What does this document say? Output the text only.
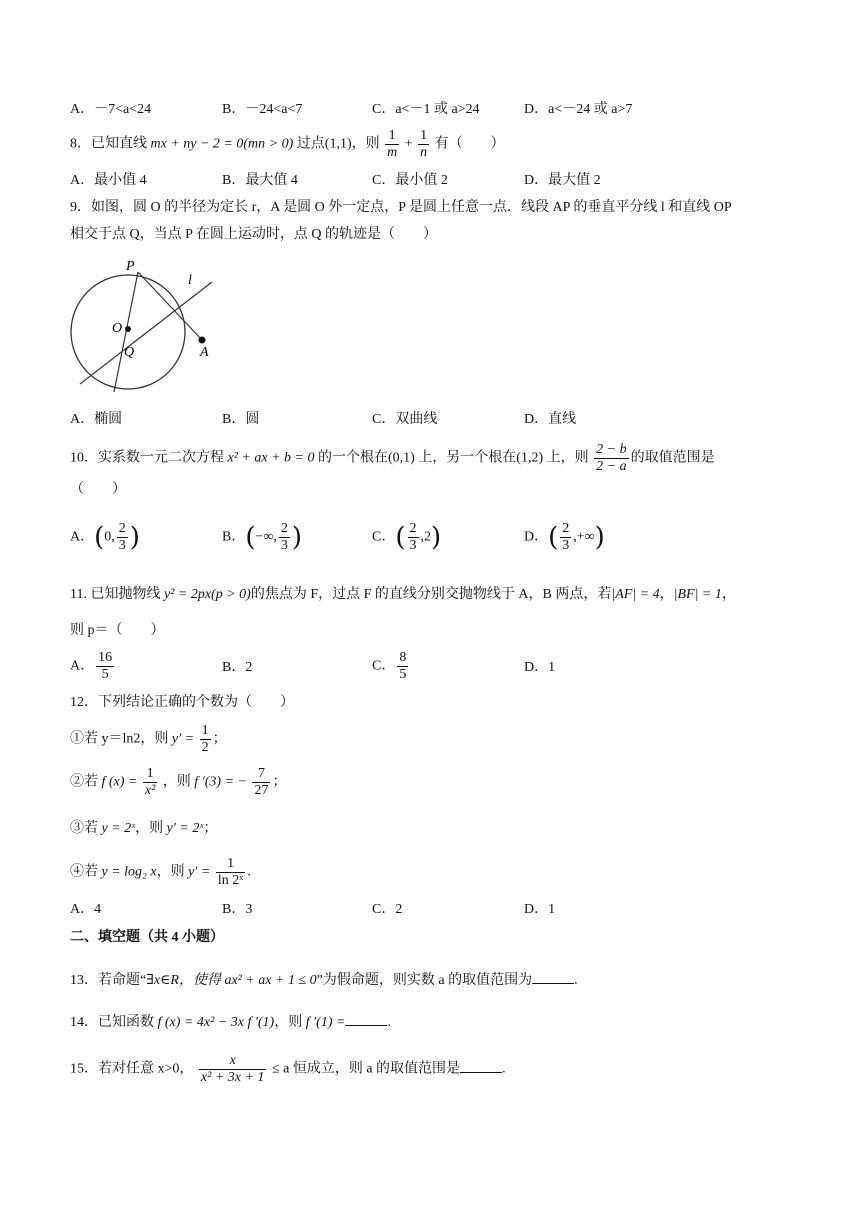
A．－7<a<24	B．－24<a<7	C．a<－1 或 a>24	D．a<－24 或 a>7
8．已知直线 mx + ny − 2 = 0(mn > 0) 过点(1,1)，则 $\frac{1}{m} + \frac{1}{n}$ 有（　　）
A．最小值 4	B．最大值 4	C．最小值 2	D．最大值 2
9．如图，圆 O 的半径为定长 r，A 是圆 O 外一定点，P 是圆上任意一点．线段 AP 的垂直平分线 l 和直线 OP
相交于点 Q，当点 P 在圆上运动时，点 Q 的轨迹是（　　）
P
l
O
Q	A
A．椭圆	B．圆	C．双曲线	D．直线
10．实系数一元二次方程 x² + ax + b = 0 的一个根在(0,1) 上，另一个根在(1,2) 上，则 $\frac{2 - b}{2 - a}$ 的取值范围是
（　　）
A．(0, $\frac{2}{3}$ )	B．(−∞, $\frac{2}{3}$ )	C．( $\frac{2}{3} ,2$)	D．( $\frac{2}{3}$ ,+∞)
11. 已知抛物线 y² = 2px(p > 0)的焦点为 F，过点 F 的直线分别交抛物线于 A，B 两点，若|AF| = 4，|BF| = 1，
则 p＝（　　）
A． $\frac{16}{5}$	B．2	C． $\frac{8}{5}$	D．1
12．下列结论正确的个数为（　　）
①若 y＝ln2，则 $y' = \frac{1}{2}$ ；
②若 f $(x) = \frac{1}{\text{x²}}$ ，则 f ′(3) = − $\frac{7}{27}$ ；
③若 y = 2ˣ，则 y′ = 2ˣ；
④若 y = log₂ x，则 $y' = \frac{1}{\text{ln 2ˣ}}$ .
A．4	B．3	C．2	D．1
二、填空题（共 4 小题）
13．若命题“∃x∈R，使得 ax² + ax + 1 ≤ 0”为假命题，则实数 a 的取值范围为	.
14．已知函数 f (x) = 4x² − 3x f ′(1)，则 f ′(1) =	.
15．若对任意 x>0， $\frac{x}{\text{x² + 3x + 1}} \le a$ 恒成立，则 a 的取值范围是	.
